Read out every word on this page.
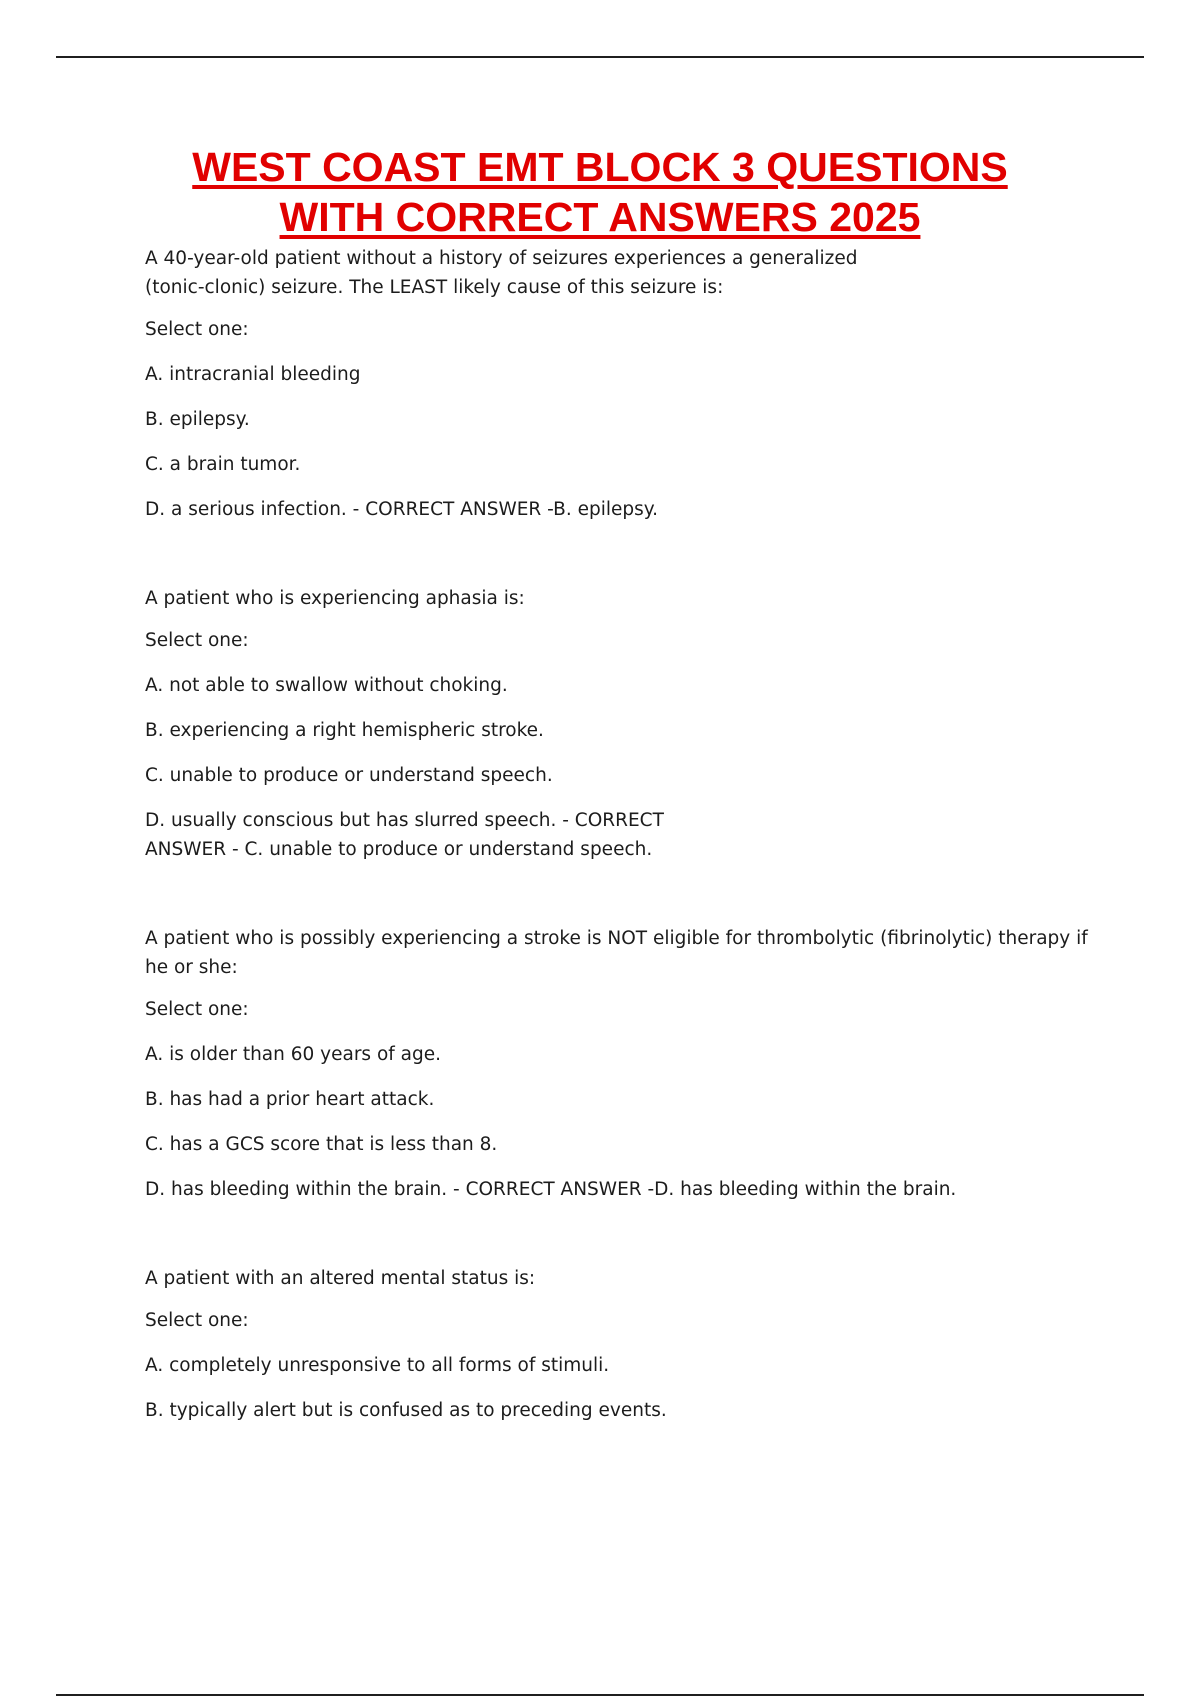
WEST COAST EMT BLOCK 3 QUESTIONS
WITH CORRECT ANSWERS 2025

A 40-year-old patient without a history of seizures experiences a generalized (tonic-clonic) seizure. The LEAST likely cause of this seizure is:

Select one:

A. intracranial bleeding

B. epilepsy.

C. a brain tumor.

D. a serious infection. - CORRECT ANSWER -B. epilepsy.

A patient who is experiencing aphasia is:

Select one:

A. not able to swallow without choking.

B. experiencing a right hemispheric stroke.

C. unable to produce or understand speech.

D. usually conscious but has slurred speech. - CORRECT ANSWER - C. unable to produce or understand speech.

A patient who is possibly experiencing a stroke is NOT eligible for thrombolytic (fibrinolytic) therapy if he or she:

Select one:

A. is older than 60 years of age.

B. has had a prior heart attack.

C. has a GCS score that is less than 8.

D. has bleeding within the brain. - CORRECT ANSWER -D. has bleeding within the brain.

A patient with an altered mental status is:

Select one:

A. completely unresponsive to all forms of stimuli.

B. typically alert but is confused as to preceding events.
